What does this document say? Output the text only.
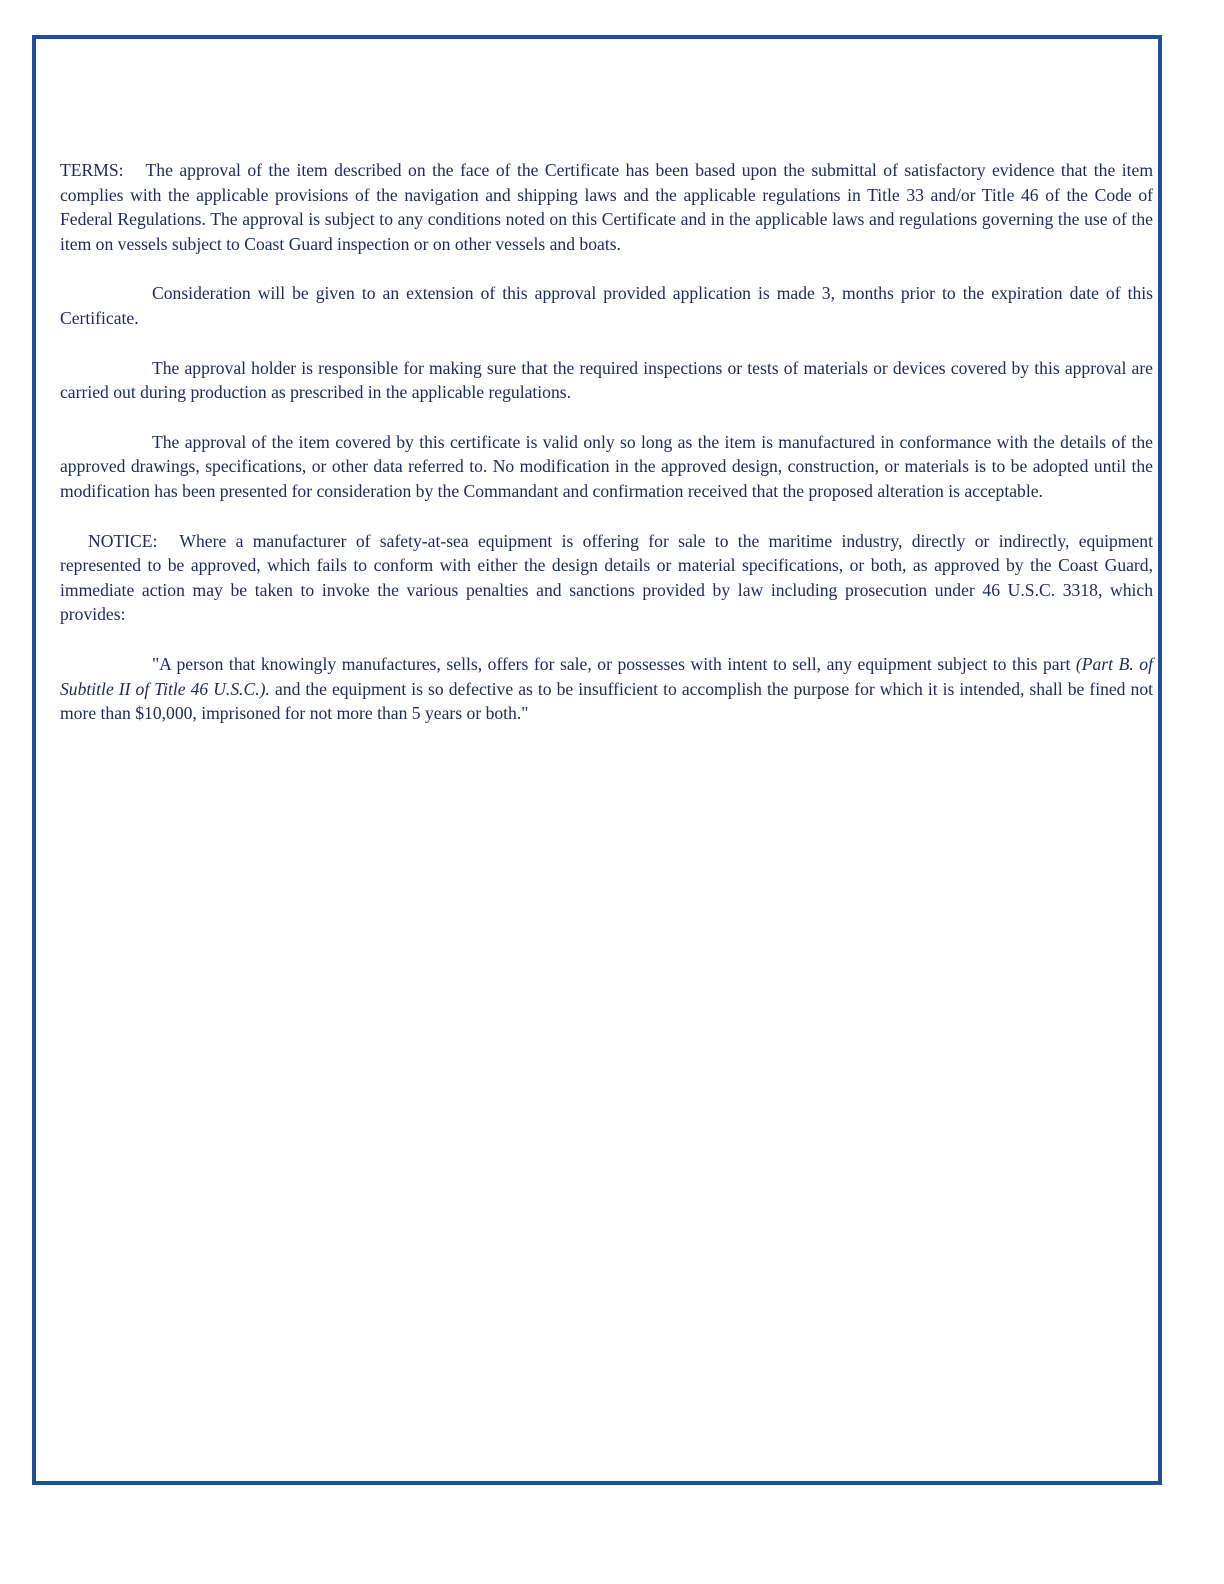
TERMS: The approval of the item described on the face of the Certificate has been based upon the submittal of satisfactory evidence that the item complies with the applicable provisions of the navigation and shipping laws and the applicable regulations in Title 33 and/or Title 46 of the Code of Federal Regulations. The approval is subject to any conditions noted on this Certificate and in the applicable laws and regulations governing the use of the item on vessels subject to Coast Guard inspection or on other vessels and boats.

Consideration will be given to an extension of this approval provided application is made 3, months prior to the expiration date of this Certificate.

The approval holder is responsible for making sure that the required inspections or tests of materials or devices covered by this approval are carried out during production as prescribed in the applicable regulations.

The approval of the item covered by this certificate is valid only so long as the item is manufactured in conformance with the details of the approved drawings, specifications, or other data referred to. No modification in the approved design, construction, or materials is to be adopted until the modification has been presented for consideration by the Commandant and confirmation received that the proposed alteration is acceptable.

NOTICE: Where a manufacturer of safety-at-sea equipment is offering for sale to the maritime industry, directly or indirectly, equipment represented to be approved, which fails to conform with either the design details or material specifications, or both, as approved by the Coast Guard, immediate action may be taken to invoke the various penalties and sanctions provided by law including prosecution under 46 U.S.C. 3318, which provides:

"A person that knowingly manufactures, sells, offers for sale, or possesses with intent to sell, any equipment subject to this part (Part B. of Subtitle II of Title 46 U.S.C.). and the equipment is so defective as to be insufficient to accomplish the purpose for which it is intended, shall be fined not more than $10,000, imprisoned for not more than 5 years or both."
